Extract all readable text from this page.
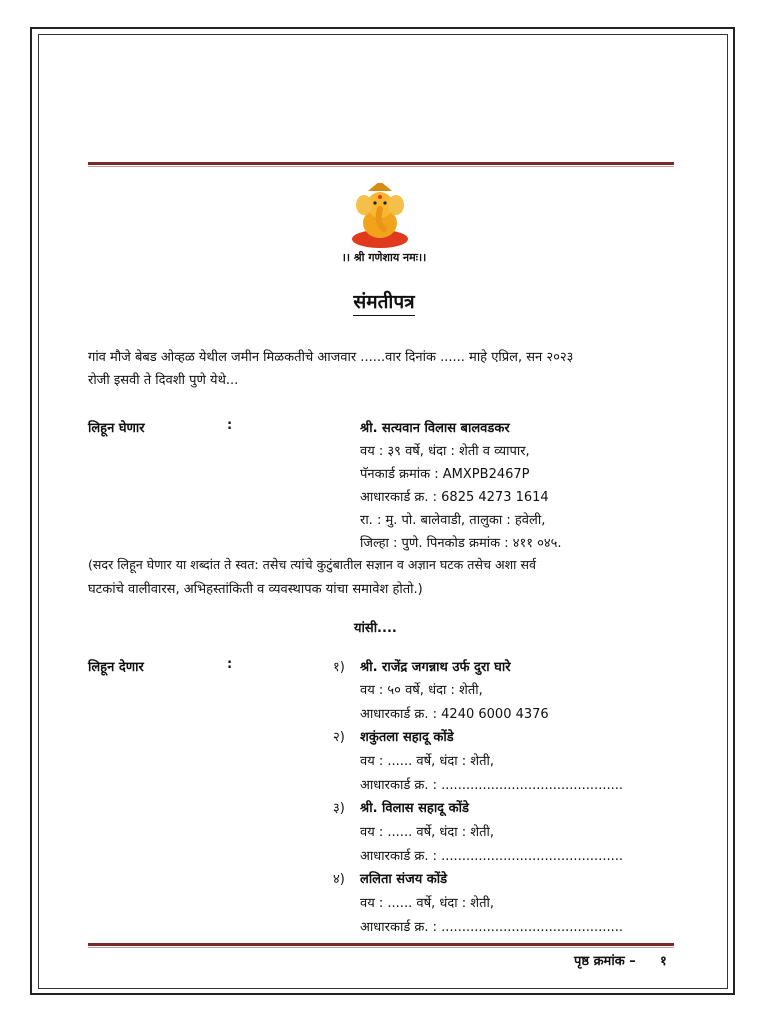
।। श्री गणेशाय नमः।।
संमतीपत्र
गांव मौजे बेबड ओव्हळ येथील जमीन मिळकतीचे आजवार ......वार दिनांक ...... माहे एप्रिल, सन २०२३
रोजी इसवी ते दिवशी पुणे येथे...
लिहून घेणार	:	श्री. सत्यवान विलास बालवडकर
वय : ३९ वर्षे, धंदा : शेती व व्यापार,
पॅनकार्ड क्रमांक : AMXPB2467P
आधारकार्ड क्र. : 6825 4273 1614
रा. : मु. पो. बालेवाडी, तालुका : हवेली,
जिल्हा : पुणे. पिनकोड क्रमांक : ४११ ०४५.
(सदर लिहून घेणार या शब्दांत ते स्वत: तसेच त्यांचे कुटुंबातील सज्ञान व अज्ञान घटक तसेच अशा सर्व
घटकांचे वालीवारस, अभिहस्तांकिती व व्यवस्थापक यांचा समावेश होतो.)
यांसी....
लिहून देणार	:	१) श्री. राजेंद्र जगन्नाथ उर्फ दुरा घारे
वय : ५० वर्षे, धंदा : शेती,
आधारकार्ड क्र. : 4240 6000 4376
२) शकुंतला सहादू कोंडे
वय : ...... वर्षे, धंदा : शेती,
आधारकार्ड क्र. : ............................................
३) श्री. विलास सहादू कोंडे
वय : ...... वर्षे, धंदा : शेती,
आधारकार्ड क्र. : ............................................
४) ललिता संजय कोंडे
वय : ...... वर्षे, धंदा : शेती,
आधारकार्ड क्र. : ............................................
पृष्ठ क्रमांक – १
